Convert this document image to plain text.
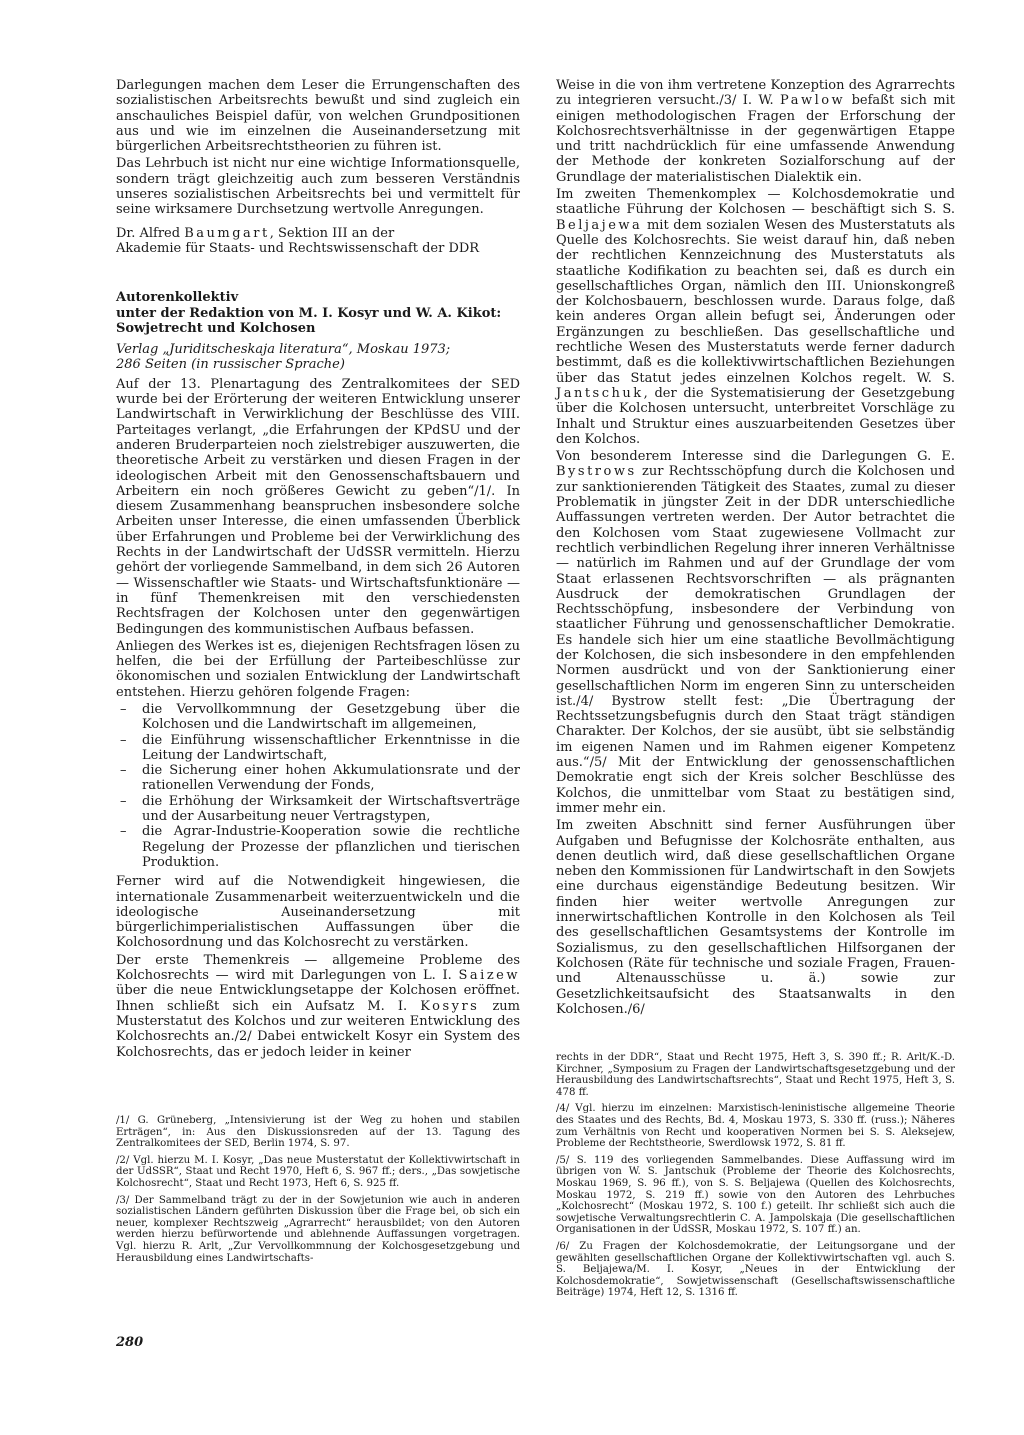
Darlegungen machen dem Leser die Errungenschaften des sozialistischen Arbeitsrechts bewußt und sind zugleich ein anschauliches Beispiel dafür, von welchen Grundpositionen aus und wie im einzelnen die Auseinandersetzung mit bürgerlichen Arbeitsrechtstheorien zu führen ist.

Das Lehrbuch ist nicht nur eine wichtige Informationsquelle, sondern trägt gleichzeitig auch zum besseren Verständnis unseres sozialistischen Arbeitsrechts bei und vermittelt für seine wirksamere Durchsetzung wertvolle Anregungen.

Dr. Alfred Baumgart, Sektion III an der
Akademie für Staats- und Rechtswissenschaft der DDR

Autorenkollektiv
unter der Redaktion von M. I. Kosyr und W. A. Kikot:
Sowjetrecht und Kolchosen
Verlag „Juriditscheskaja literatura“, Moskau 1973;
286 Seiten (in russischer Sprache)

Auf der 13. Plenartagung des Zentralkomitees der SED wurde bei der Erörterung der weiteren Entwicklung unserer Landwirtschaft in Verwirklichung der Beschlüsse des VIII. Parteitages verlangt, „die Erfahrungen der KPdSU und der anderen Bruderparteien noch zielstrebiger auszuwerten, die theoretische Arbeit zu verstärken und diesen Fragen in der ideologischen Arbeit mit den Genossenschaftsbauern und Arbeitern ein noch größeres Gewicht zu geben“/1/. In diesem Zusammenhang beanspruchen insbesondere solche Arbeiten unser Interesse, die einen umfassenden Überblick über Erfahrungen und Probleme bei der Verwirklichung des Rechts in der Landwirtschaft der UdSSR vermitteln. Hierzu gehört der vorliegende Sammelband, in dem sich 26 Autoren — Wissenschaftler wie Staats- und Wirtschaftsfunktionäre — in fünf Themenkreisen mit den verschiedensten Rechtsfragen der Kolchosen unter den gegenwärtigen Bedingungen des kommunistischen Aufbaus befassen.

Anliegen des Werkes ist es, diejenigen Rechtsfragen lösen zu helfen, die bei der Erfüllung der Parteibeschlüsse zur ökonomischen und sozialen Entwicklung der Landwirtschaft entstehen. Hierzu gehören folgende Fragen:

– die Vervollkommnung der Gesetzgebung über die Kolchosen und die Landwirtschaft im allgemeinen,
– die Einführung wissenschaftlicher Erkenntnisse in die Leitung der Landwirtschaft,
– die Sicherung einer hohen Akkumulationsrate und der rationellen Verwendung der Fonds,
– die Erhöhung der Wirksamkeit der Wirtschaftsverträge und der Ausarbeitung neuer Vertragstypen,
– die Agrar-Industrie-Kooperation sowie die rechtliche Regelung der Prozesse der pflanzlichen und tierischen Produktion.

Ferner wird auf die Notwendigkeit hingewiesen, die internationale Zusammenarbeit weiterzuentwickeln und die ideologische Auseinandersetzung mit bürgerlichimperialistischen Auffassungen über die Kolchosordnung und das Kolchosrecht zu verstärken.

Der erste Themenkreis — allgemeine Probleme des Kolchosrechts — wird mit Darlegungen von L. I. Saizew über die neue Entwicklungsetappe der Kolchosen eröffnet. Ihnen schließt sich ein Aufsatz M. I. Kosyrs zum Musterstatut des Kolchos und zur weiteren Entwicklung des Kolchosrechts an./2/ Dabei entwickelt Kosyr ein System des Kolchosrechts, das er jedoch leider in keiner

Weise in die von ihm vertretene Konzeption des Agrarrechts zu integrieren versucht./3/ I. W. Pawlow befaßt sich mit einigen methodologischen Fragen der Erforschung der Kolchosrechtsverhältnisse in der gegenwärtigen Etappe und tritt nachdrücklich für eine umfassende Anwendung der Methode der konkreten Sozialforschung auf der Grundlage der materialistischen Dialektik ein.

Im zweiten Themenkomplex — Kolchosdemokratie und staatliche Führung der Kolchosen — beschäftigt sich S. S. Beljajewa mit dem sozialen Wesen des Musterstatuts als Quelle des Kolchosrechts. Sie weist darauf hin, daß neben der rechtlichen Kennzeichnung des Musterstatuts als staatliche Kodifikation zu beachten sei, daß es durch ein gesellschaftliches Organ, nämlich den III. Unionskongreß der Kolchosbauern, beschlossen wurde. Daraus folge, daß kein anderes Organ allein befugt sei, Änderungen oder Ergänzungen zu beschließen. Das gesellschaftliche und rechtliche Wesen des Musterstatuts werde ferner dadurch bestimmt, daß es die kollektivwirtschaftlichen Beziehungen über das Statut jedes einzelnen Kolchos regelt. W. S. Jantschuk, der die Systematisierung der Gesetzgebung über die Kolchosen untersucht, unterbreitet Vorschläge zu Inhalt und Struktur eines auszuarbeitenden Gesetzes über den Kolchos.

Von besonderem Interesse sind die Darlegungen G. E. Bystrows zur Rechtsschöpfung durch die Kolchosen und zur sanktionierenden Tätigkeit des Staates, zumal zu dieser Problematik in jüngster Zeit in der DDR unterschiedliche Auffassungen vertreten werden. Der Autor betrachtet die den Kolchosen vom Staat zugewiesene Vollmacht zur rechtlich verbindlichen Regelung ihrer inneren Verhältnisse — natürlich im Rahmen und auf der Grundlage der vom Staat erlassenen Rechtsvorschriften — als prägnanten Ausdruck der demokratischen Grundlagen der Rechtsschöpfung, insbesondere der Verbindung von staatlicher Führung und genossenschaftlicher Demokratie. Es handele sich hier um eine staatliche Bevollmächtigung der Kolchosen, die sich insbesondere in den empfehlenden Normen ausdrückt und von der Sanktionierung einer gesellschaftlichen Norm im engeren Sinn zu unterscheiden ist./4/ Bystrow stellt fest: „Die Übertragung der Rechtssetzungsbefugnis durch den Staat trägt ständigen Charakter. Der Kolchos, der sie ausübt, übt sie selbständig im eigenen Namen und im Rahmen eigener Kompetenz aus.“/5/ Mit der Entwicklung der genossenschaftlichen Demokratie engt sich der Kreis solcher Beschlüsse des Kolchos, die unmittelbar vom Staat zu bestätigen sind, immer mehr ein.

Im zweiten Abschnitt sind ferner Ausführungen über Aufgaben und Befugnisse der Kolchosräte enthalten, aus denen deutlich wird, daß diese gesellschaftlichen Organe neben den Kommissionen für Landwirtschaft in den Sowjets eine durchaus eigenständige Bedeutung besitzen. Wir finden hier weiter wertvolle Anregungen zur innerwirtschaftlichen Kontrolle in den Kolchosen als Teil des gesellschaftlichen Gesamtsystems der Kontrolle im Sozialismus, zu den gesellschaftlichen Hilfsorganen der Kolchosen (Räte für technische und soziale Fragen, Frauen- und Altenausschüsse u. ä.) sowie zur Gesetzlichkeitsaufsicht des Staatsanwalts in den Kolchosen./6/

/1/ G. Grüneberg, „Intensivierung ist der Weg zu hohen und stabilen Erträgen“, in: Aus den Diskussionsreden auf der 13. Tagung des Zentralkomitees der SED, Berlin 1974, S. 97.

/2/ Vgl. hierzu M. I. Kosyr, „Das neue Musterstatut der Kollektivwirtschaft in der UdSSR“, Staat und Recht 1970, Heft 6, S. 967 ff.; ders., „Das sowjetische Kolchosrecht“, Staat und Recht 1973, Heft 6, S. 925 ff.

/3/ Der Sammelband trägt zu der in der Sowjetunion wie auch in anderen sozialistischen Ländern geführten Diskussion über die Frage bei, ob sich ein neuer, komplexer Rechtszweig „Agrarrecht“ herausbildet; von den Autoren werden hierzu befürwortende und ablehnende Auffassungen vorgetragen. Vgl. hierzu R. Arlt, „Zur Vervollkommnung der Kolchosgesetzgebung und Herausbildung eines Landwirtschafts-

rechts in der DDR“, Staat und Recht 1975, Heft 3, S. 390 ff.; R. Arlt/K.-D. Kirchner, „Symposium zu Fragen der Landwirtschaftsgesetzgebung und der Herausbildung des Landwirtschaftsrechts“, Staat und Recht 1975, Heft 3, S. 478 ff.

/4/ Vgl. hierzu im einzelnen: Marxistisch-leninistische allgemeine Theorie des Staates und des Rechts, Bd. 4, Moskau 1973, S. 330 ff. (russ.); Näheres zum Verhältnis von Recht und kooperativen Normen bei S. S. Aleksejew, Probleme der Rechtstheorie, Swerdlowsk 1972, S. 81 ff.

/5/ S. 119 des vorliegenden Sammelbandes. Diese Auffassung wird im übrigen von W. S. Jantschuk (Probleme der Theorie des Kolchosrechts, Moskau 1969, S. 96 ff.), von S. S. Beljajewa (Quellen des Kolchosrechts, Moskau 1972, S. 219 ff.) sowie von den Autoren des Lehrbuches „Kolchosrecht“ (Moskau 1972, S. 100 f.) geteilt. Ihr schließt sich auch die sowjetische Verwaltungsrechtlerin C. A. Jampolskaja (Die gesellschaftlichen Organisationen in der UdSSR, Moskau 1972, S. 107 ff.) an.

/6/ Zu Fragen der Kolchosdemokratie, der Leitungsorgane und der gewählten gesellschaftlichen Organe der Kollektivwirtschaften vgl. auch S. S. Beljajewa/M. I. Kosyr, „Neues in der Entwicklung der Kolchosdemokratie“, Sowjetwissenschaft (Gesellschaftswissenschaftliche Beiträge) 1974, Heft 12, S. 1316 ff.

280
